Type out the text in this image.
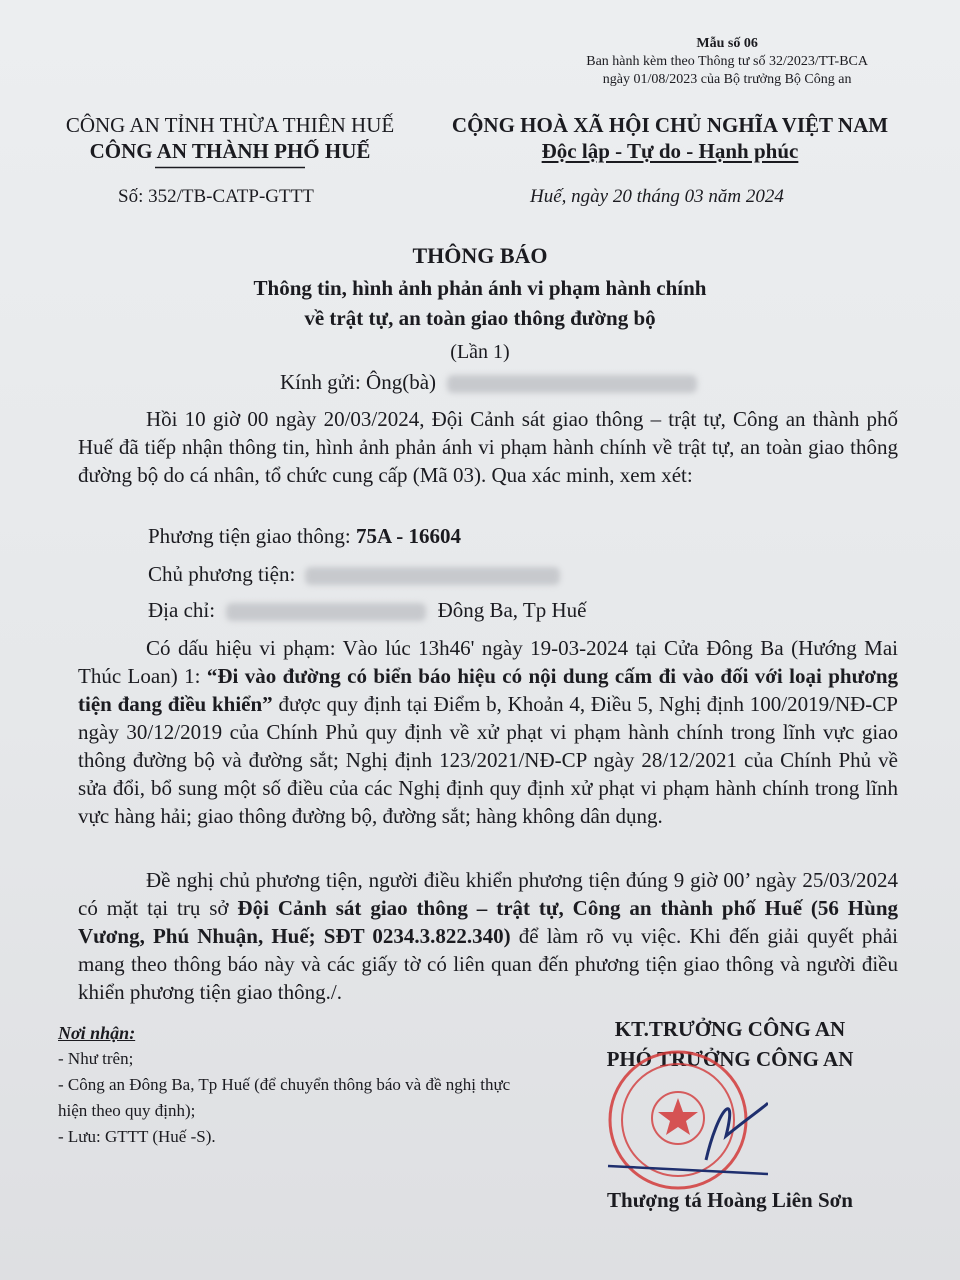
Mẫu số 06
Ban hành kèm theo Thông tư số 32/2023/TT-BCA
ngày 01/08/2023 của Bộ trưởng Bộ Công an
CÔNG AN TỈNH THỪA THIÊN HUẾ
CÔNG AN THÀNH PHỐ HUẾ
CỘNG HOÀ XÃ HỘI CHỦ NGHĨA VIỆT NAM
Độc lập - Tự do - Hạnh phúc
Số: 352/TB-CATP-GTTT	Huế, ngày 20 tháng 03 năm 2024
THÔNG BÁO
Thông tin, hình ảnh phản ánh vi phạm hành chính
về trật tự, an toàn giao thông đường bộ
(Lần 1)
Kính gửi: Ông(bà)
Hồi 10 giờ 00 ngày 20/03/2024, Đội Cảnh sát giao thông – trật tự, Công an thành phố Huế đã tiếp nhận thông tin, hình ảnh phản ánh vi phạm hành chính về trật tự, an toàn giao thông đường bộ do cá nhân, tổ chức cung cấp (Mã 03). Qua xác minh, xem xét:
Phương tiện giao thông: 75A - 16604
Chủ phương tiện:
Địa chỉ:	Đông Ba, Tp Huế
Có dấu hiệu vi phạm: Vào lúc 13h46' ngày 19-03-2024 tại Cửa Đông Ba (Hướng Mai Thúc Loan) 1: “Đi vào đường có biển báo hiệu có nội dung cấm đi vào đối với loại phương tiện đang điều khiển” được quy định tại Điểm b, Khoản 4, Điều 5, Nghị định 100/2019/NĐ-CP ngày 30/12/2019 của Chính Phủ quy định về xử phạt vi phạm hành chính trong lĩnh vực giao thông đường bộ và đường sắt; Nghị định 123/2021/NĐ-CP ngày 28/12/2021 của Chính Phủ về sửa đổi, bổ sung một số điều của các Nghị định quy định xử phạt vi phạm hành chính trong lĩnh vực hàng hải; giao thông đường bộ, đường sắt; hàng không dân dụng.
Đề nghị chủ phương tiện, người điều khiển phương tiện đúng 9 giờ 00’ ngày 25/03/2024 có mặt tại trụ sở Đội Cảnh sát giao thông – trật tự, Công an thành phố Huế (56 Hùng Vương, Phú Nhuận, Huế; SĐT 0234.3.822.340) để làm rõ vụ việc. Khi đến giải quyết phải mang theo thông báo này và các giấy tờ có liên quan đến phương tiện giao thông và người điều khiển phương tiện giao thông./.
Nơi nhận:
- Như trên;
- Công an Đông Ba, Tp Huế (để chuyển thông báo và đề nghị thực hiện theo quy định);
- Lưu: GTTT (Huế -S).
KT.TRƯỞNG CÔNG AN
PHÓ TRƯỞNG CÔNG AN
Thượng tá Hoàng Liên Sơn
